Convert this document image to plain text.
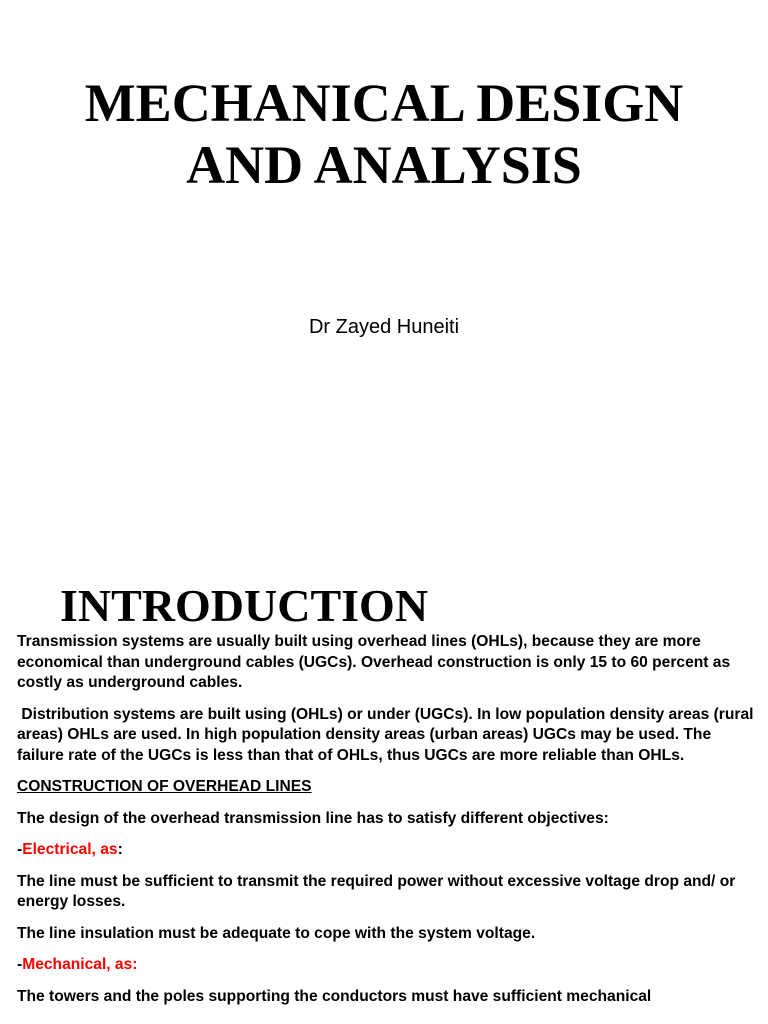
MECHANICAL DESIGN
AND ANALYSIS
Dr Zayed Huneiti
INTRODUCTION

Transmission systems are usually built using overhead lines (OHLs), because they are more economical than underground cables (UGCs). Overhead construction is only 15 to 60 percent as costly as underground cables.

Distribution systems are built using (OHLs) or under (UGCs). In low population density areas (rural areas) OHLs are used. In high population density areas (urban areas) UGCs may be used. The failure rate of the UGCs is less than that of OHLs, thus UGCs are more reliable than OHLs.

CONSTRUCTION OF OVERHEAD LINES

The design of the overhead transmission line has to satisfy different objectives:

-Electrical, as:

The line must be sufficient to transmit the required power without excessive voltage drop and/ or energy losses.

The line insulation must be adequate to cope with the system voltage.

-Mechanical, as:

The towers and the poles supporting the conductors must have sufficient mechanical
